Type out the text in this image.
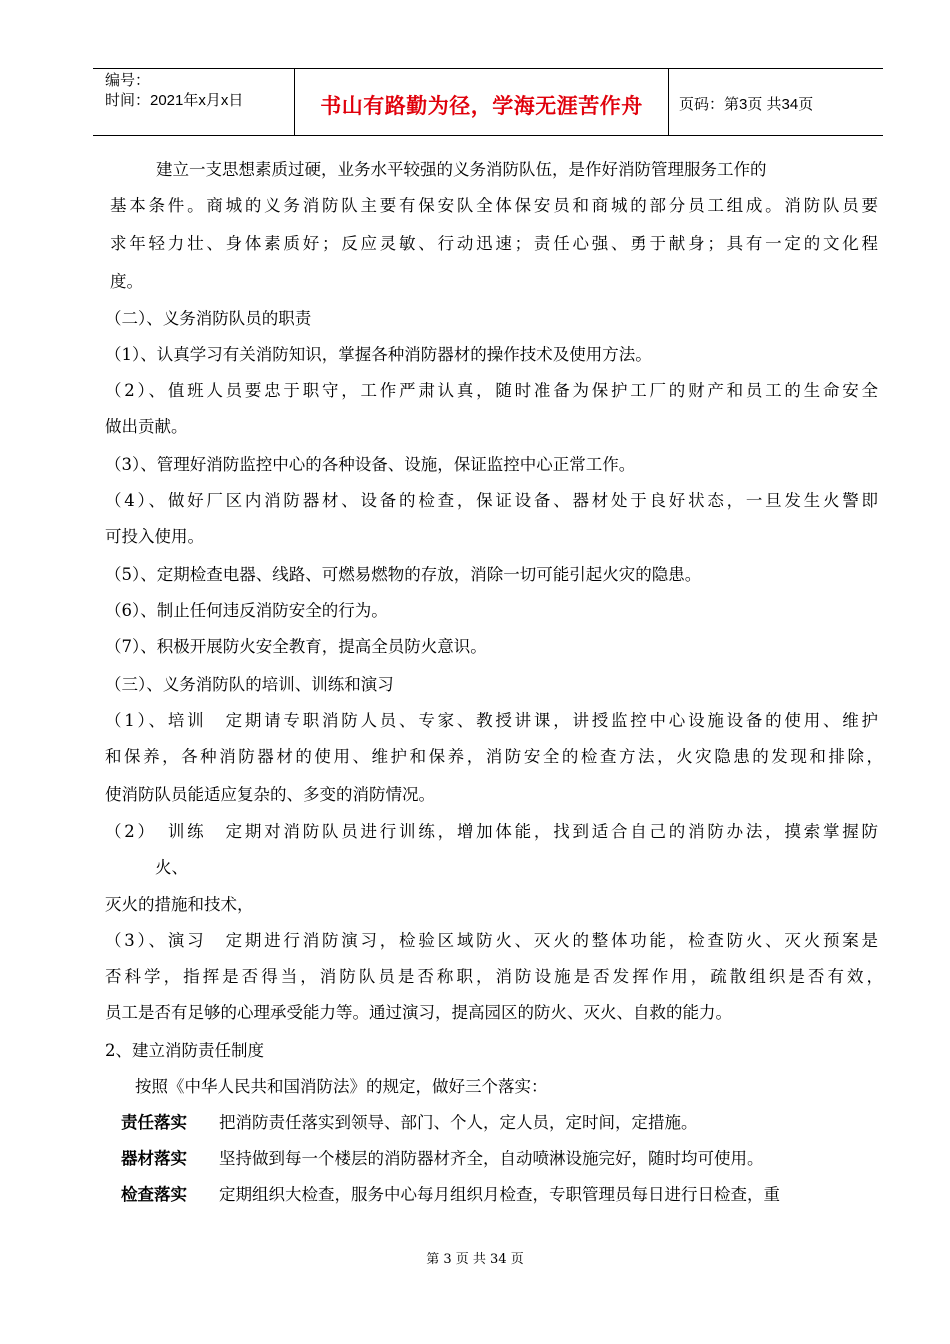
编号：
时间：2021年x月x日	书山有路勤为径，学海无涯苦作舟	页码：第3页 共34页
建立一支思想素质过硬，业务水平较强的义务消防队伍，是作好消防管理服务工作的
基本条件。商城的义务消防队主要有保安队全体保安员和商城的部分员工组成。消防队员要
求年轻力壮、身体素质好；反应灵敏、行动迅速；责任心强、勇于献身；具有一定的文化程
度。
（二）、义务消防队员的职责
（1）、认真学习有关消防知识，掌握各种消防器材的操作技术及使用方法。
（2）、值班人员要忠于职守，工作严肃认真，随时准备为保护工厂的财产和员工的生命安全
做出贡献。
（3）、管理好消防监控中心的各种设备、设施，保证监控中心正常工作。
（4）、做好厂区内消防器材、设备的检查，保证设备、器材处于良好状态，一旦发生火警即
可投入使用。
（5）、定期检查电器、线路、可燃易燃物的存放，消除一切可能引起火灾的隐患。
（6）、制止任何违反消防安全的行为。
（7）、积极开展防火安全教育，提高全员防火意识。
（三）、义务消防队的培训、训练和演习
（1）、培训　定期请专职消防人员、专家、教授讲课，讲授监控中心设施设备的使用、维护
和保养，各种消防器材的使用、维护和保养，消防安全的检查方法，火灾隐患的发现和排除，
使消防队员能适应复杂的、多变的消防情况。
（2）　训练　定期对消防队员进行训练，增加体能，找到适合自己的消防办法，摸索掌握防
火、
灭火的措施和技术，
（3）、演习　定期进行消防演习，检验区域防火、灭火的整体功能，检查防火、灭火预案是
否科学，指挥是否得当，消防队员是否称职，消防设施是否发挥作用，疏散组织是否有效，
员工是否有足够的心理承受能力等。通过演习，提高园区的防火、灭火、自救的能力。
2、建立消防责任制度
按照《中华人民共和国消防法》的规定，做好三个落实：
责任落实 把消防责任落实到领导、部门、个人，定人员，定时间，定措施。
器材落实 坚持做到每一个楼层的消防器材齐全，自动喷淋设施完好，随时均可使用。
检查落实 定期组织大检查，服务中心每月组织月检查，专职管理员每日进行日检查，重
第 3 页 共 34 页
